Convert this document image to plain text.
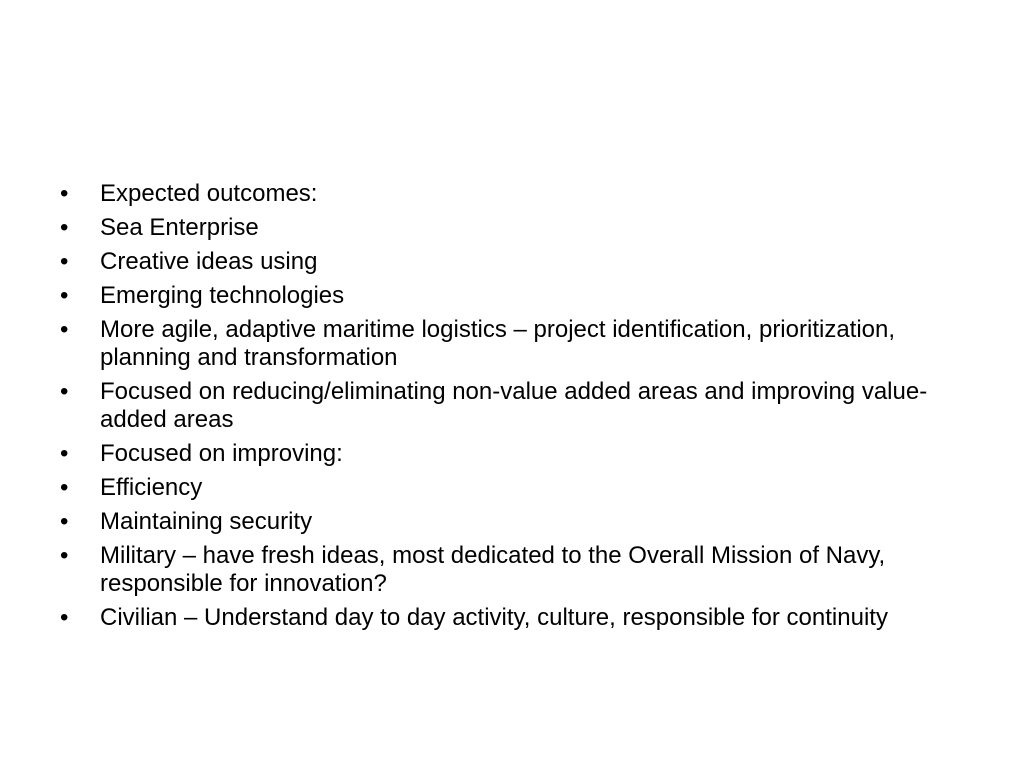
•	Expected outcomes:
•	Sea Enterprise
•	Creative ideas using
•	Emerging technologies
•	More agile, adaptive maritime logistics – project identification, prioritization, planning and transformation
•	Focused on reducing/eliminating non-value added areas and improving value-added areas
•	Focused on improving:
•	Efficiency
•	Maintaining security
•	Military – have fresh ideas, most dedicated to the Overall Mission of Navy, responsible for innovation?
•	Civilian – Understand day to day activity, culture, responsible for continuity
